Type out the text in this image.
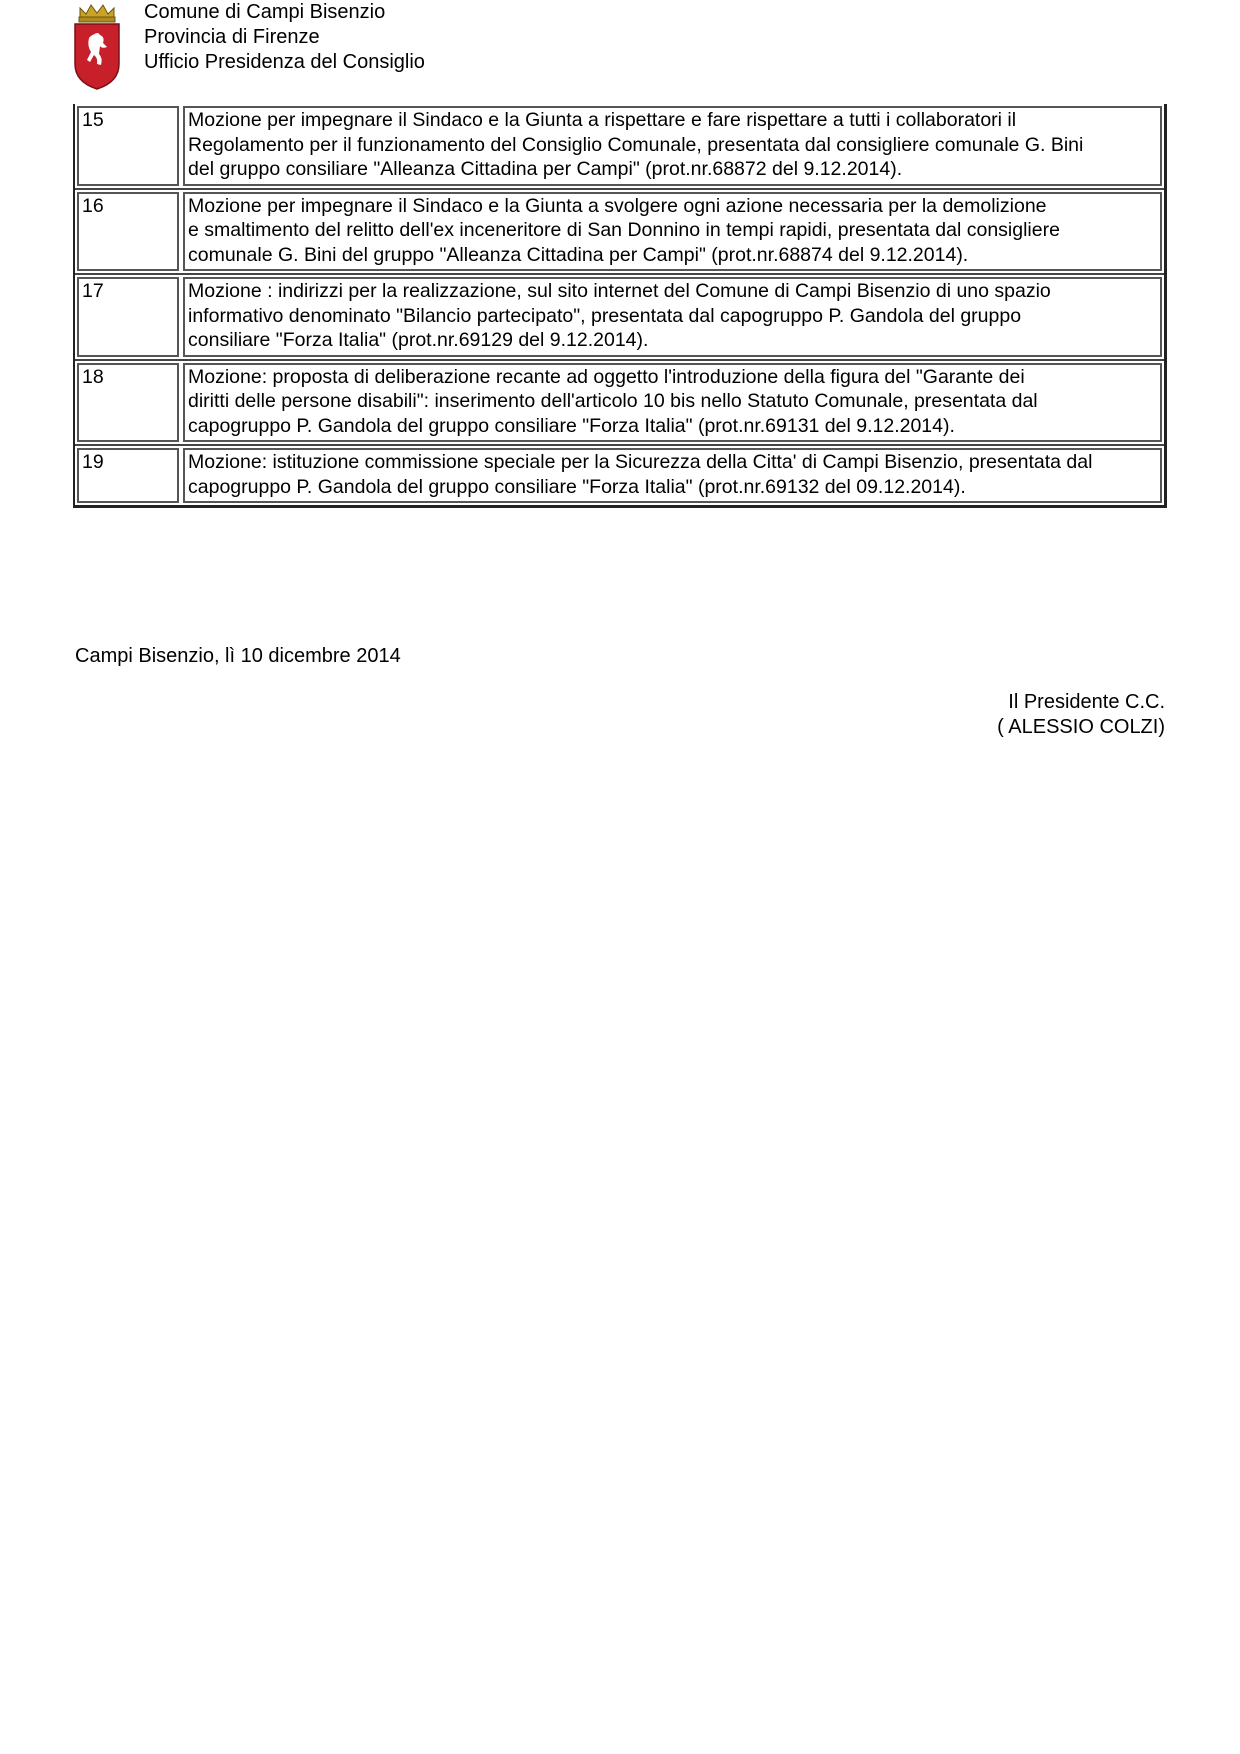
Comune di Campi Bisenzio
Provincia di Firenze
Ufficio Presidenza del Consiglio
15	Mozione per impegnare il Sindaco e la Giunta a rispettare e fare rispettare a tutti i collaboratori il
Regolamento per il funzionamento del Consiglio Comunale, presentata dal consigliere comunale G. Bini
del gruppo consiliare "Alleanza Cittadina per Campi" (prot.nr.68872 del 9.12.2014).
16	Mozione per impegnare il Sindaco e la Giunta a svolgere ogni azione necessaria per la demolizione
e smaltimento del relitto dell'ex inceneritore di San Donnino in tempi rapidi, presentata dal consigliere
comunale G. Bini del gruppo "Alleanza Cittadina per Campi" (prot.nr.68874 del 9.12.2014).
17	Mozione : indirizzi per la realizzazione, sul sito internet del Comune di Campi Bisenzio di uno spazio
informativo denominato "Bilancio partecipato", presentata dal capogruppo P. Gandola del gruppo
consiliare "Forza Italia" (prot.nr.69129 del 9.12.2014).
18	Mozione: proposta di deliberazione recante ad oggetto l'introduzione della figura del "Garante dei
diritti delle persone disabili": inserimento dell'articolo 10 bis nello Statuto Comunale, presentata dal
capogruppo P. Gandola del gruppo consiliare "Forza Italia" (prot.nr.69131 del 9.12.2014).
19	Mozione: istituzione commissione speciale per la Sicurezza della Citta' di Campi Bisenzio, presentata dal
capogruppo P. Gandola del gruppo consiliare "Forza Italia" (prot.nr.69132 del 09.12.2014).
Campi Bisenzio, lì 10 dicembre 2014
Il Presidente C.C.
( ALESSIO COLZI)
